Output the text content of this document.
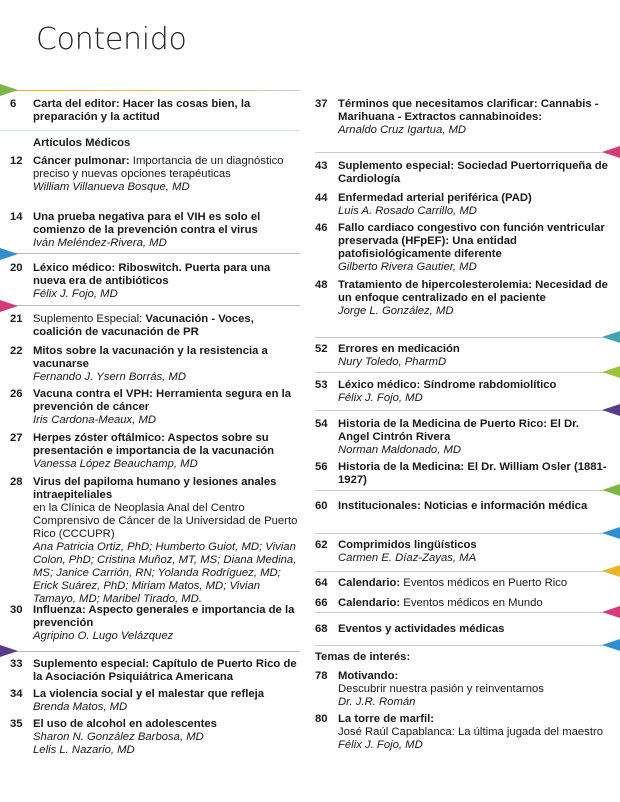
Contenido
6 Carta del editor: Hacer las cosas bien, la preparación y la actitud
Artículos Médicos
12 Cáncer pulmonar: Importancia de un diagnóstico preciso y nuevas opciones terapéuticas
William Villanueva Bosque, MD
14 Una prueba negativa para el VIH es solo el comienzo de la prevención contra el virus
Iván Meléndez-Rivera, MD
20 Léxico médico: Riboswitch. Puerta para una nueva era de antibióticos
Félix J. Fojo, MD
21 Suplemento Especial: Vacunación - Voces, coalición de vacunación de PR
22 Mitos sobre la vacunación y la resistencia a vacunarse
Fernando J. Ysern Borrás, MD
26 Vacuna contra el VPH: Herramienta segura en la prevención de cáncer
Iris Cardona-Meaux, MD
27 Herpes zóster oftálmico: Aspectos sobre su presentación e importancia de la vacunación
Vanessa López Beauchamp, MD
28 Virus del papiloma humano y lesiones anales intraepiteliales
en la Clínica de Neoplasia Anal del Centro Comprensivo de Cáncer de la Universidad de Puerto Rico (CCCUPR)
Ana Patricia Ortiz, PhD; Humberto Guiot, MD; Vivian Colon, PhD; Cristina Muñoz, MT, MS; Diana Medina, MS; Janice Carrión, RN; Yolanda Rodríguez, MD; Erick Suárez, PhD; Miriam Matos, MD; Vivian Tamayo, MD; Maribel Tirado, MD.
30 Influenza: Aspecto generales e importancia de la prevención
Agripino O. Lugo Velázquez
33 Suplemento especial: Capítulo de Puerto Rico de la Asociación Psiquiátrica Americana
34 La violencia social y el malestar que refleja
Brenda Matos, MD
35 El uso de alcohol en adolescentes
Sharon N. González Barbosa, MD
Lelis L. Nazario, MD
37 Términos que necesitamos clarificar: Cannabis - Marihuana - Extractos cannabinoides:
Arnaldo Cruz Igartua, MD
43 Suplemento especial: Sociedad Puertorriqueña de Cardiología
44 Enfermedad arterial periférica (PAD)
Luis A. Rosado Carrillo, MD
46 Fallo cardiaco congestivo con función ventricular preservada (HFpEF): Una entidad patofisiológicamente diferente
Gilberto Rivera Gautier, MD
48 Tratamiento de hipercolesterolemia: Necesidad de un enfoque centralizado en el paciente
Jorge L. González, MD
52 Errores en medicación
Nury Toledo, PharmD
53 Léxico médico: Síndrome rabdomiolítico
Félix J. Fojo, MD
54 Historia de la Medicina de Puerto Rico: El Dr. Angel Cintrón Rivera
Norman Maldonado, MD
56 Historia de la Medicina: El Dr. William Osler (1881-1927)
60 Institucionales: Noticias e información médica
62 Comprimidos lingüísticos
Carmen E. Díaz-Zayas, MA
64 Calendario: Eventos médicos en Puerto Rico
66 Calendario: Eventos médicos en Mundo
68 Eventos y actividades médicas
Temas de interés:
78 Motivando:
Descubrir nuestra pasión y reinventarnos
Dr. J.R. Román
80 La torre de marfil:
José Raúl Capablanca: La última jugada del maestro
Félix J. Fojo, MD
